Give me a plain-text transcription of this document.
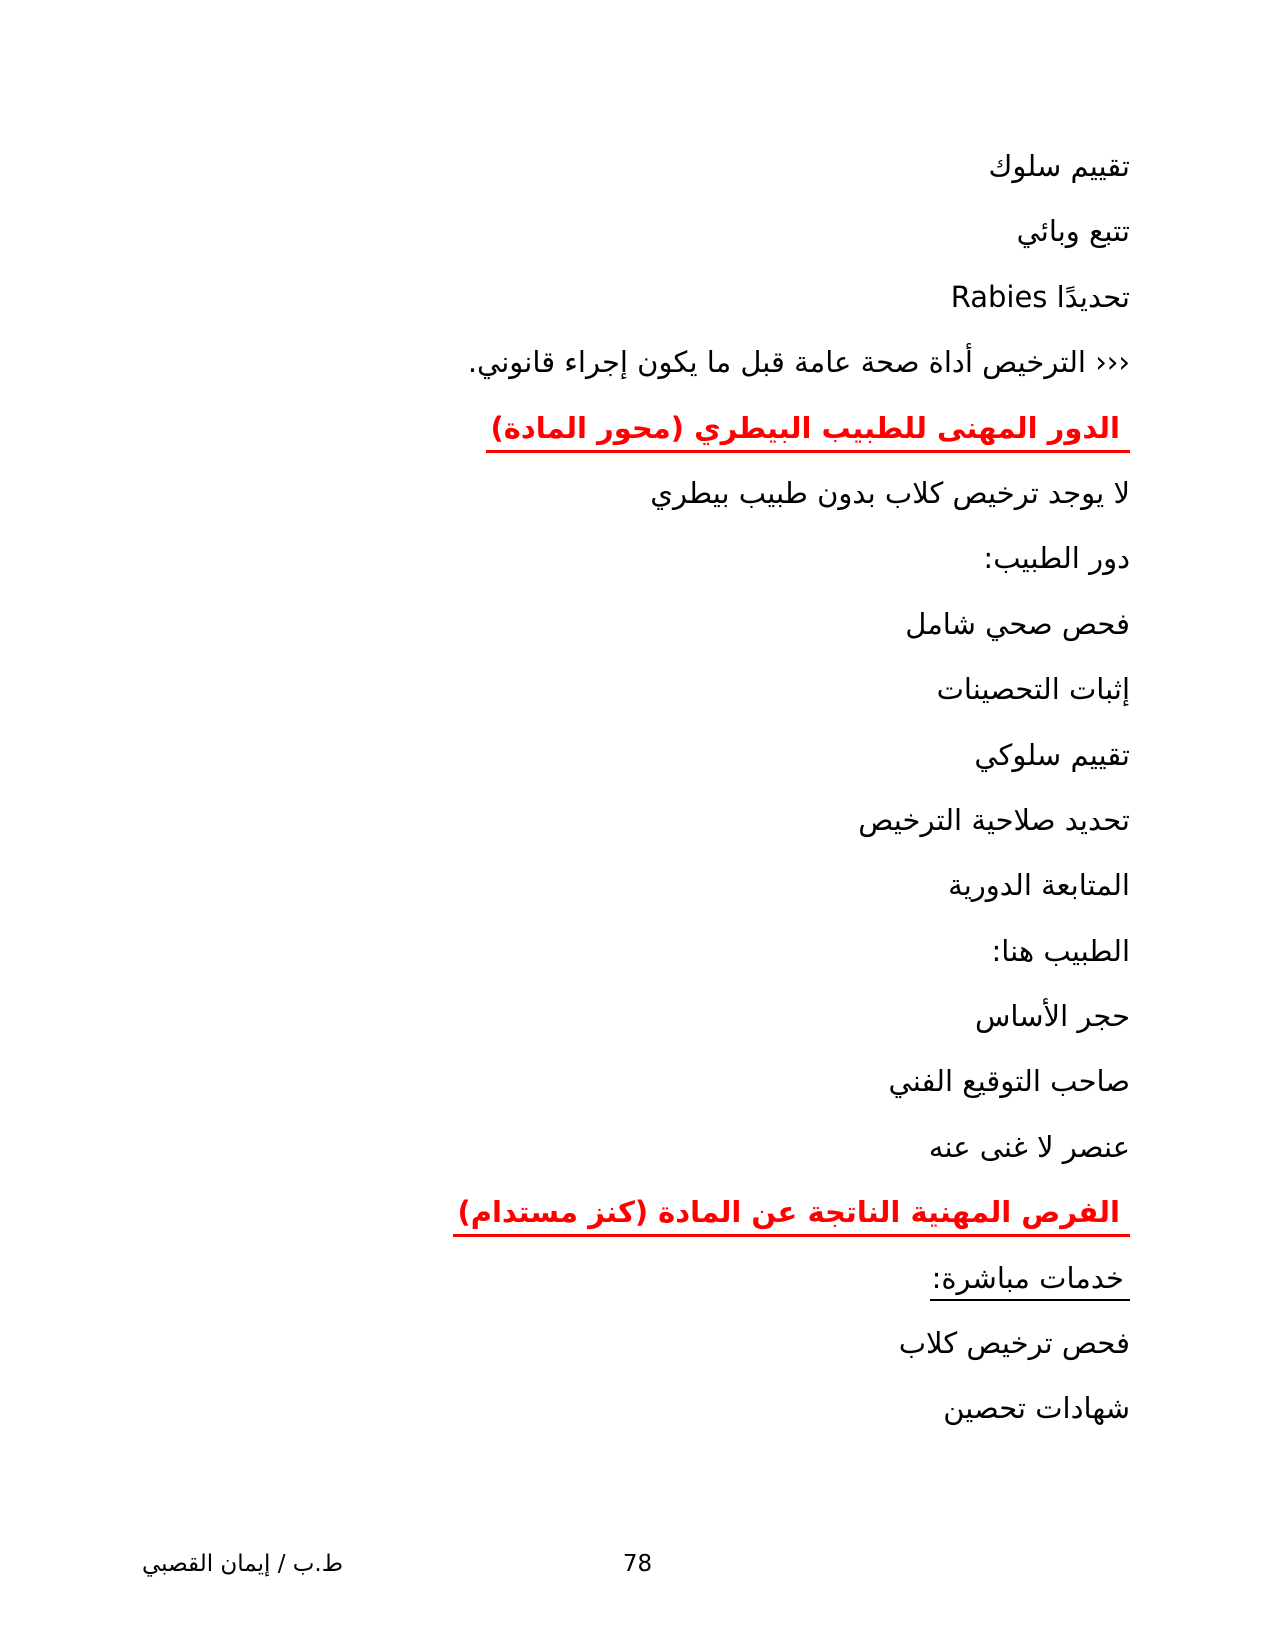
تقييم سلوك

تتبع وبائي

تحديدًا Rabies

‹‹‹ الترخيص أداة صحة عامة قبل ما يكون إجراء قانوني.

الدور المهنى للطبيب البيطري (محور المادة)

لا يوجد ترخيص كلاب بدون طبيب بيطري

دور الطبيب:

فحص صحي شامل

إثبات التحصينات

تقييم سلوكي

تحديد صلاحية الترخيص

المتابعة الدورية

الطبيب هنا:

حجر الأساس

صاحب التوقيع الفني

عنصر لا غنى عنه

الفرص المهنية الناتجة عن المادة (كنز مستدام)

خدمات مباشرة:

فحص ترخيص كلاب

شهادات تحصين

78
ط.ب / إيمان القصبي
